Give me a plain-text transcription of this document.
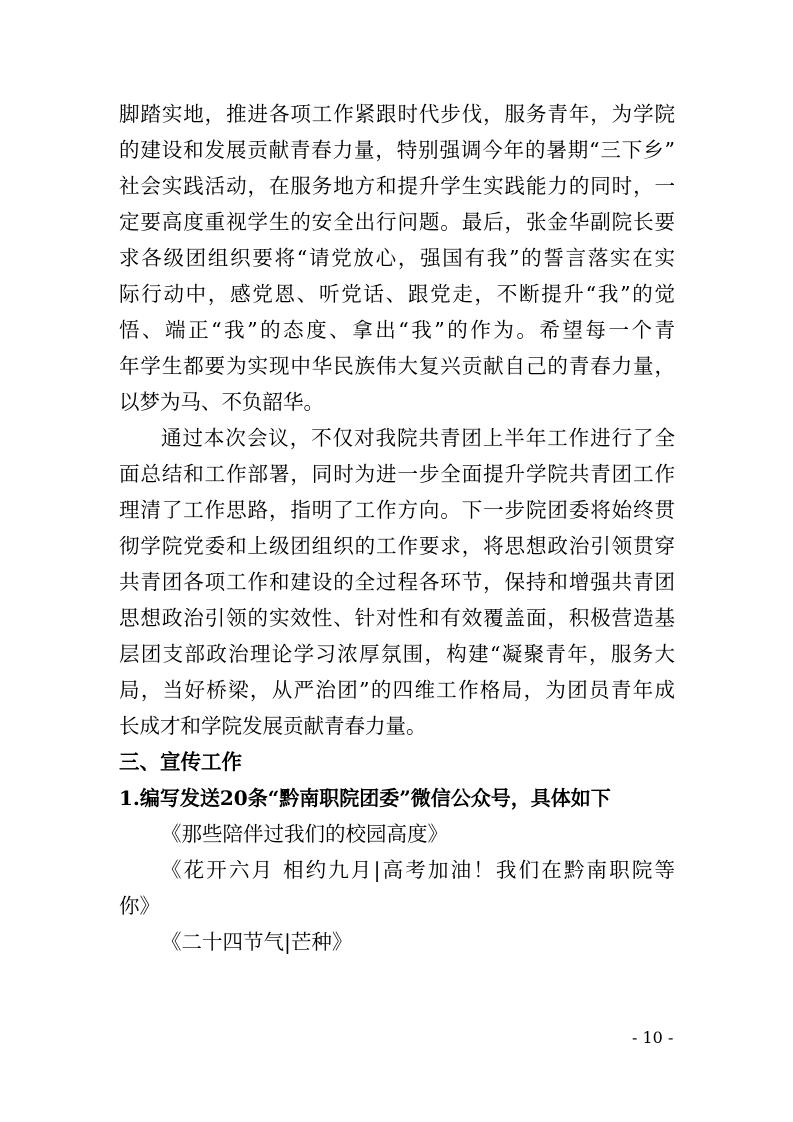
脚踏实地，推进各项工作紧跟时代步伐，服务青年，为学院
的建设和发展贡献青春力量，特别强调今年的暑期“三下乡”
社会实践活动，在服务地方和提升学生实践能力的同时，一
定要高度重视学生的安全出行问题。最后，张金华副院长要
求各级团组织要将“请党放心，强国有我”的誓言落实在实
际行动中，感党恩、听党话、跟党走，不断提升“我”的觉
悟、端正“我”的态度、拿出“我”的作为。希望每一个青
年学生都要为实现中华民族伟大复兴贡献自己的青春力量，
以梦为马、不负韶华。
通过本次会议，不仅对我院共青团上半年工作进行了全
面总结和工作部署，同时为进一步全面提升学院共青团工作
理清了工作思路，指明了工作方向。下一步院团委将始终贯
彻学院党委和上级团组织的工作要求，将思想政治引领贯穿
共青团各项工作和建设的全过程各环节，保持和增强共青团
思想政治引领的实效性、针对性和有效覆盖面，积极营造基
层团支部政治理论学习浓厚氛围，构建“凝聚青年，服务大
局，当好桥梁，从严治团”的四维工作格局，为团员青年成
长成才和学院发展贡献青春力量。
三、宣传工作
1.编写发送20条“黔南职院团委”微信公众号，具体如下
《那些陪伴过我们的校园高度》
《花开六月 相约九月|高考加油！我们在黔南职院等
你》
《二十四节气|芒种》
- 10 -
